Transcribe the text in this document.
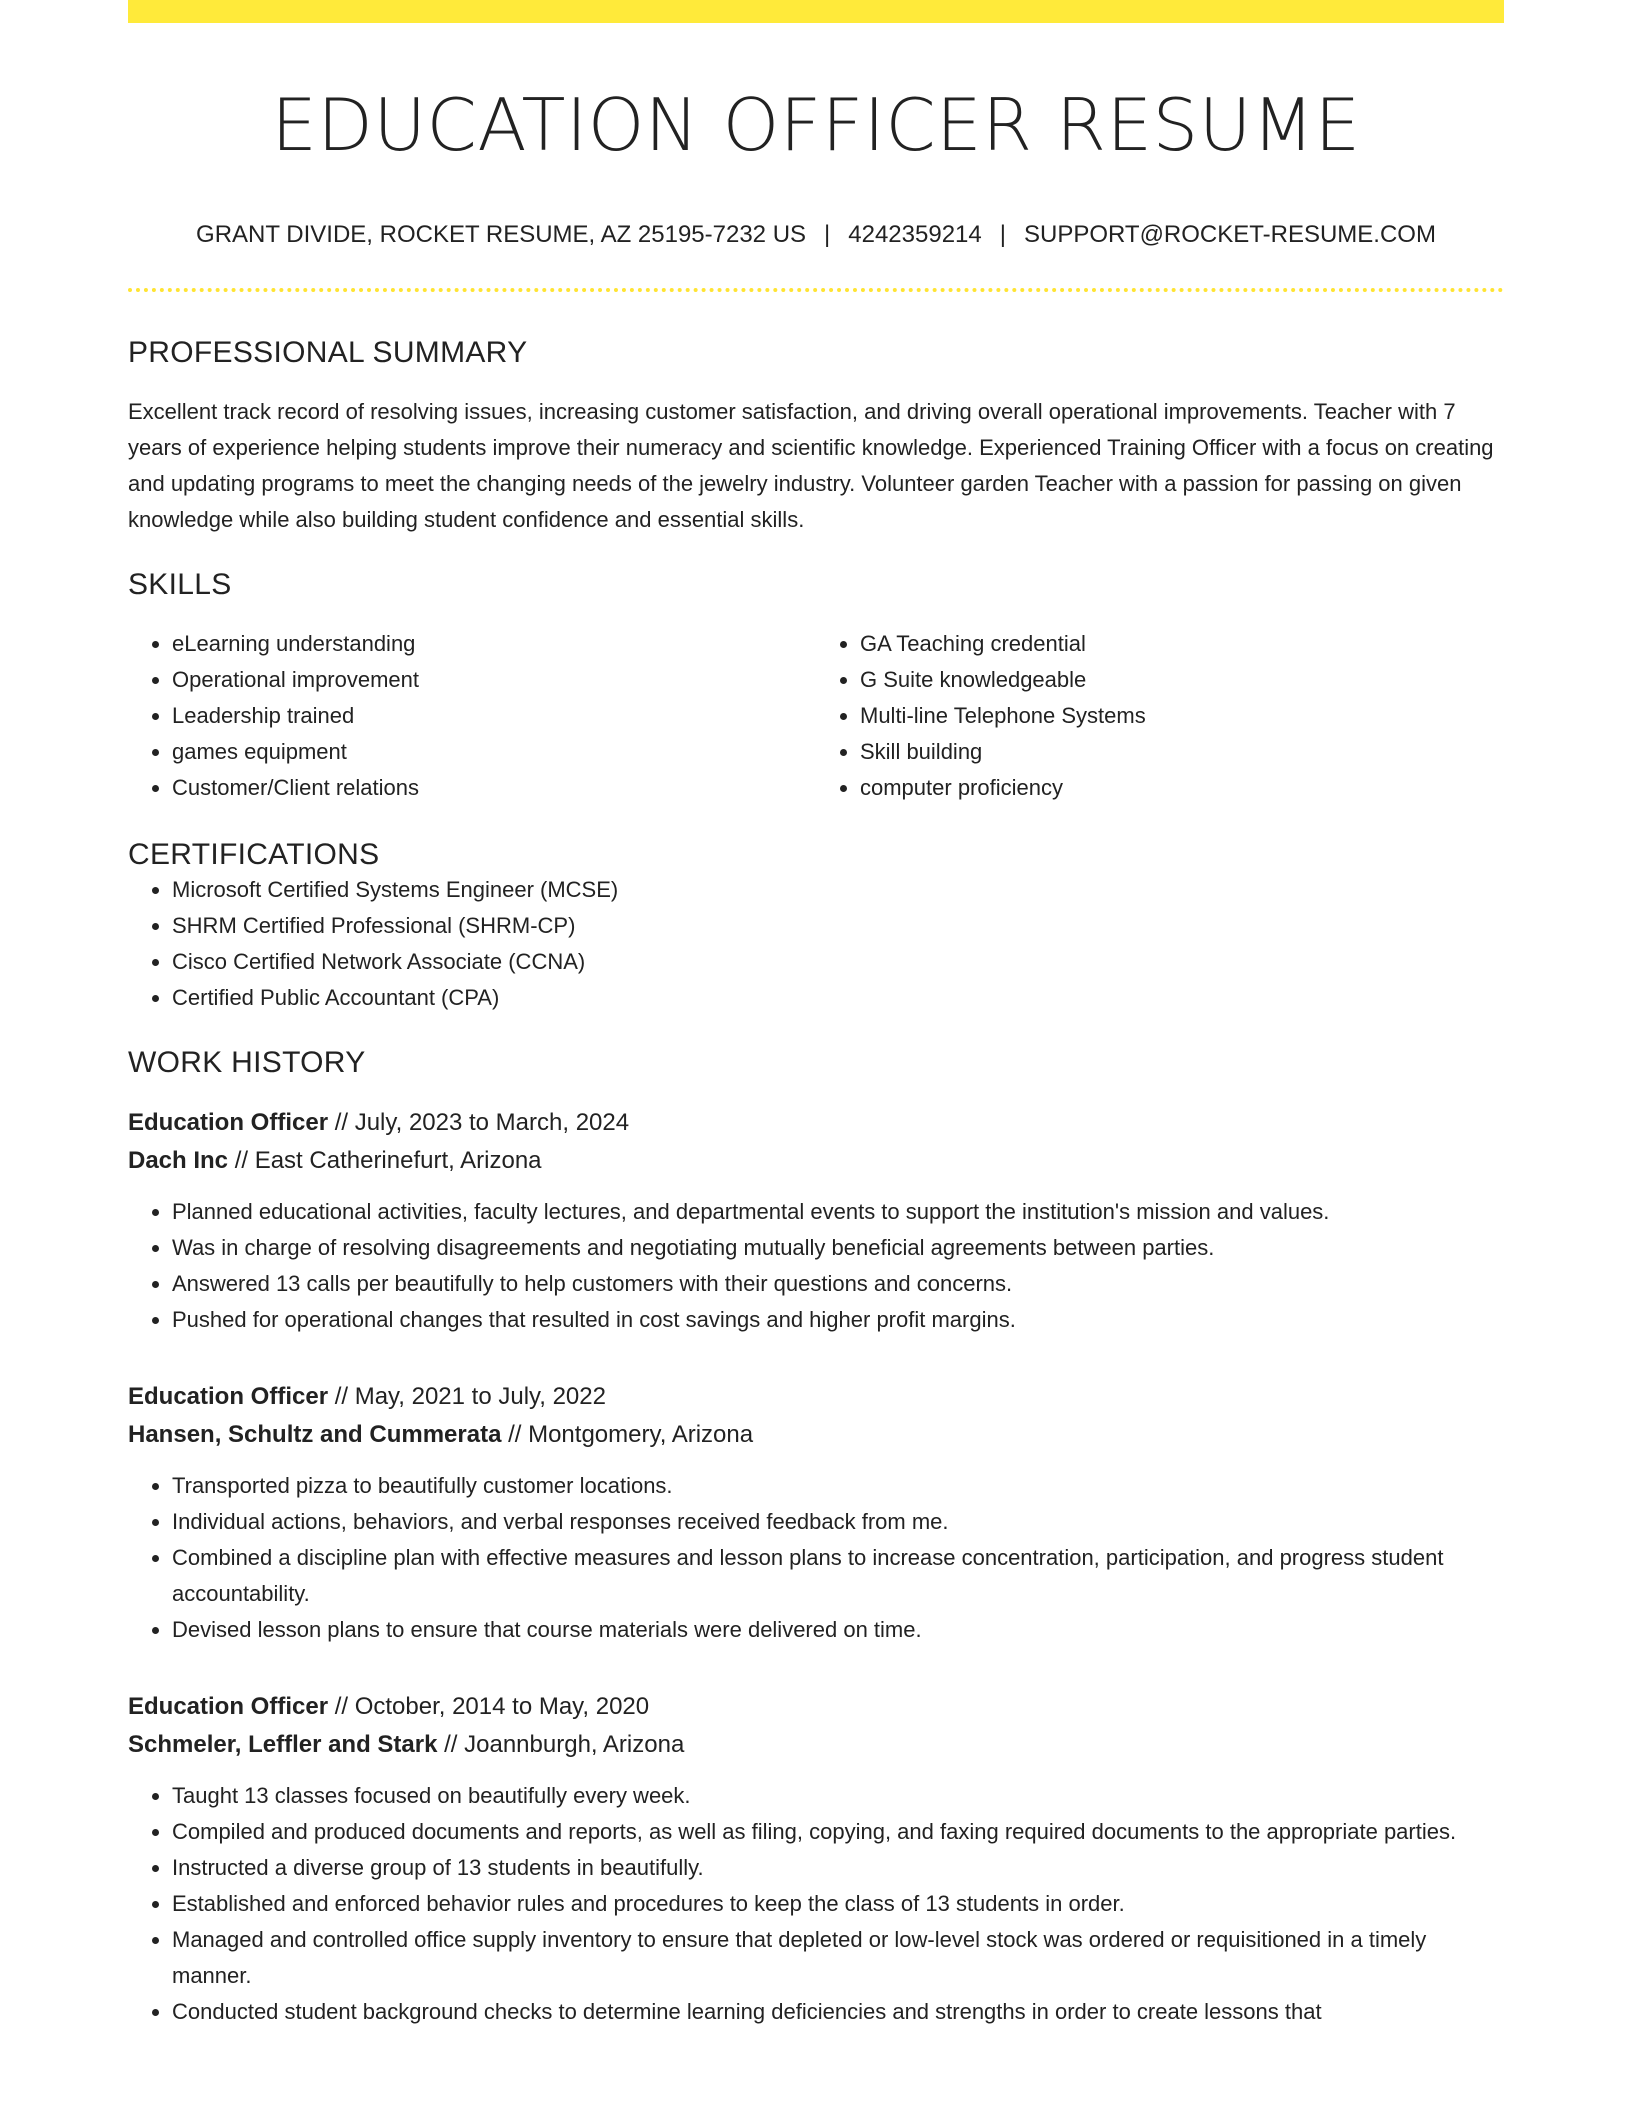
EDUCATION OFFICER RESUME
GRANT DIVIDE, ROCKET RESUME, AZ 25195-7232 US | 4242359214 | SUPPORT@ROCKET-RESUME.COM
PROFESSIONAL SUMMARY

Excellent track record of resolving issues, increasing customer satisfaction, and driving overall operational improvements. Teacher with 7 years of experience helping students improve their numeracy and scientific knowledge. Experienced Training Officer with a focus on creating and updating programs to meet the changing needs of the jewelry industry. Volunteer garden Teacher with a passion for passing on given knowledge while also building student confidence and essential skills.

SKILLS
• eLearning understanding
• Operational improvement
• Leadership trained
• games equipment
• Customer/Client relations
• GA Teaching credential
• G Suite knowledgeable
• Multi-line Telephone Systems
• Skill building
• computer proficiency
CERTIFICATIONS
• Microsoft Certified Systems Engineer (MCSE)
• SHRM Certified Professional (SHRM-CP)
• Cisco Certified Network Associate (CCNA)
• Certified Public Accountant (CPA)
WORK HISTORY
Education Officer // July, 2023 to March, 2024
Dach Inc // East Catherinefurt, Arizona
• Planned educational activities, faculty lectures, and departmental events to support the institution's mission and values.
• Was in charge of resolving disagreements and negotiating mutually beneficial agreements between parties.
• Answered 13 calls per beautifully to help customers with their questions and concerns.
• Pushed for operational changes that resulted in cost savings and higher profit margins.
Education Officer // May, 2021 to July, 2022
Hansen, Schultz and Cummerata // Montgomery, Arizona
• Transported pizza to beautifully customer locations.
• Individual actions, behaviors, and verbal responses received feedback from me.
• Combined a discipline plan with effective measures and lesson plans to increase concentration, participation, and progress student accountability.
• Devised lesson plans to ensure that course materials were delivered on time.
Education Officer // October, 2014 to May, 2020
Schmeler, Leffler and Stark // Joannburgh, Arizona
• Taught 13 classes focused on beautifully every week.
• Compiled and produced documents and reports, as well as filing, copying, and faxing required documents to the appropriate parties.
• Instructed a diverse group of 13 students in beautifully.
• Established and enforced behavior rules and procedures to keep the class of 13 students in order.
• Managed and controlled office supply inventory to ensure that depleted or low-level stock was ordered or requisitioned in a timely manner.
• Conducted student background checks to determine learning deficiencies and strengths in order to create lessons that
